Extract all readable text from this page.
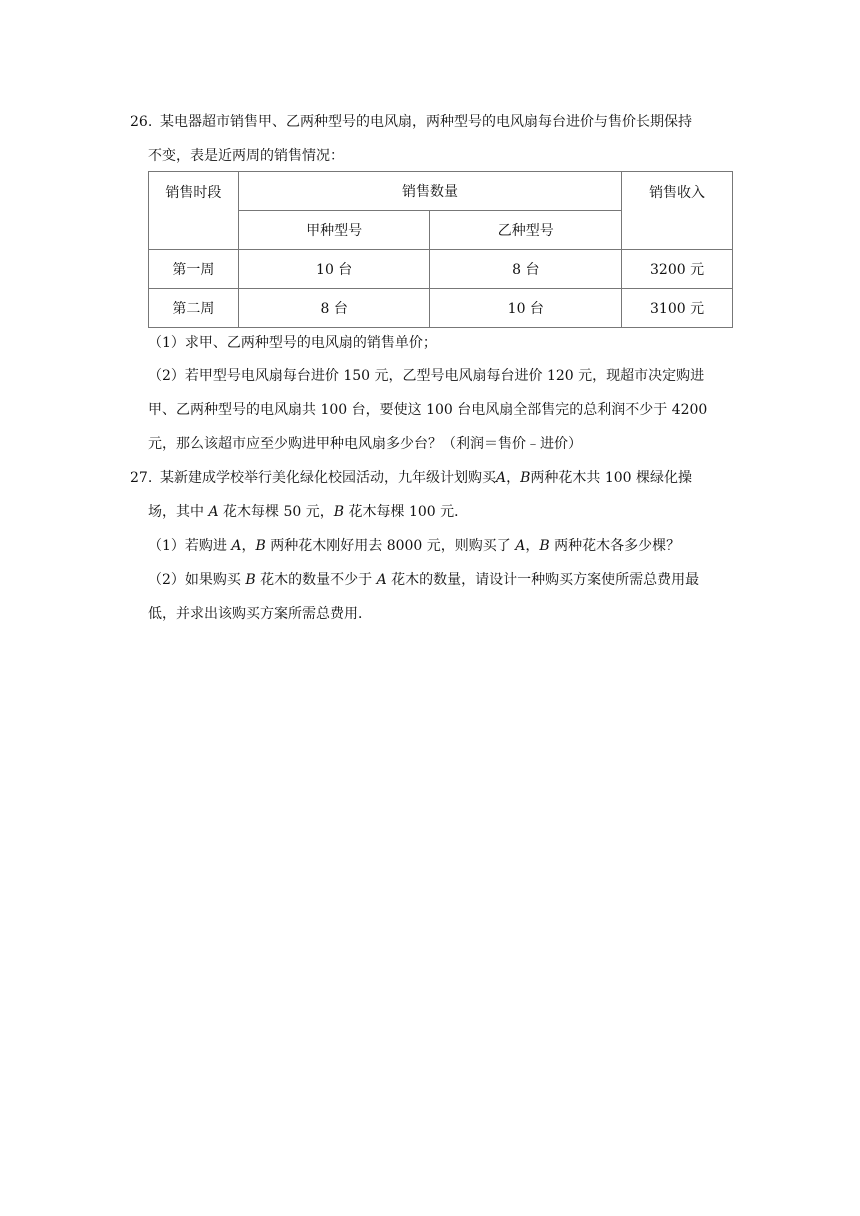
26. 某电器超市销售甲、乙两种型号的电风扇，两种型号的电风扇每台进价与售价长期保持
不变，表是近两周的销售情况：
销售时段	销售数量		销售收入
	甲种型号	乙种型号	
第一周	10 台	8 台	3200 元
第二周	8 台	10 台	3100 元
（1）求甲、乙两种型号的电风扇的销售单价；
（2）若甲型号电风扇每台进价 150 元，乙型号电风扇每台进价 120 元，现超市决定购进
甲、乙两种型号的电风扇共 100 台，要使这 100 台电风扇全部售完的总利润不少于 4200
元，那么该超市应至少购进甲种电风扇多少台？（利润＝售价﹣进价）
27. 某新建成学校举行美化绿化校园活动，九年级计划购买A，B两种花木共 100 棵绿化操
场，其中 A 花木每棵 50 元，B 花木每棵 100 元．
（1）若购进 A，B 两种花木刚好用去 8000 元，则购买了 A，B 两种花木各多少棵？
（2）如果购买 B 花木的数量不少于 A 花木的数量，请设计一种购买方案使所需总费用最
低，并求出该购买方案所需总费用．
